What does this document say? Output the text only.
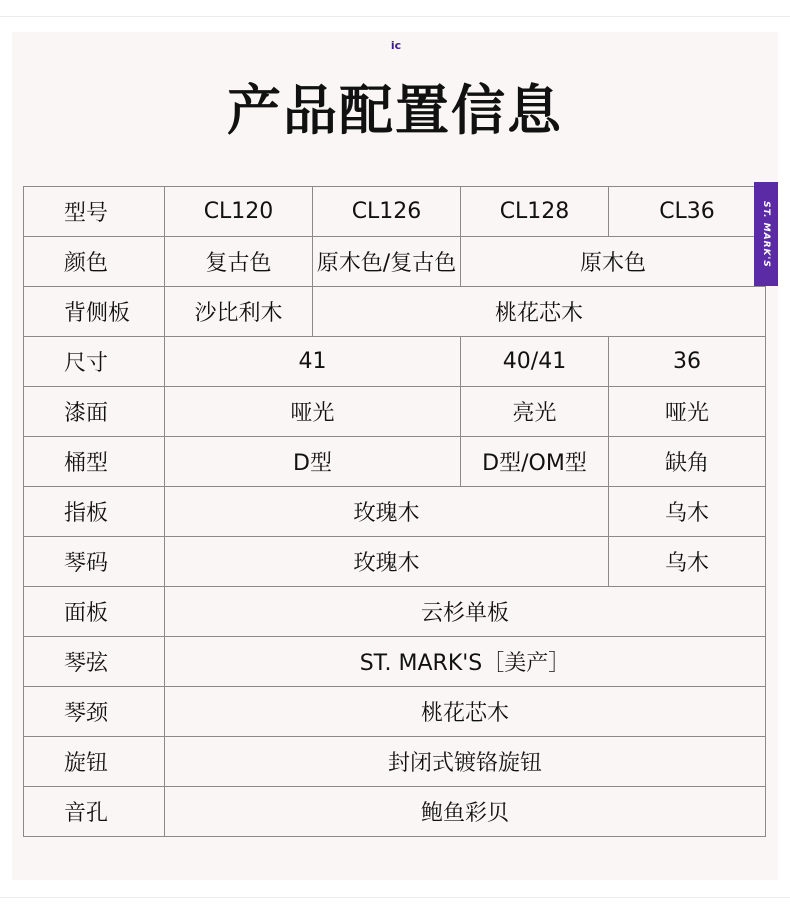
ic
产品配置信息
型号	CL120	CL126	CL128	CL36
颜色	复古色	原木色/复古色	原木色	
背侧板	沙比利木	桃花芯木		
尺寸	41		40/41	36
漆面	哑光		亮光	哑光
桶型	D型		D型/OM型	缺角
指板	玫瑰木			乌木
琴码	玫瑰木			乌木
面板	云杉单板			
琴弦	ST. MARK'S［美产］			
琴颈	桃花芯木			
旋钮	封闭式镀铬旋钮			
音孔	鲍鱼彩贝			
ST. MARK'S
